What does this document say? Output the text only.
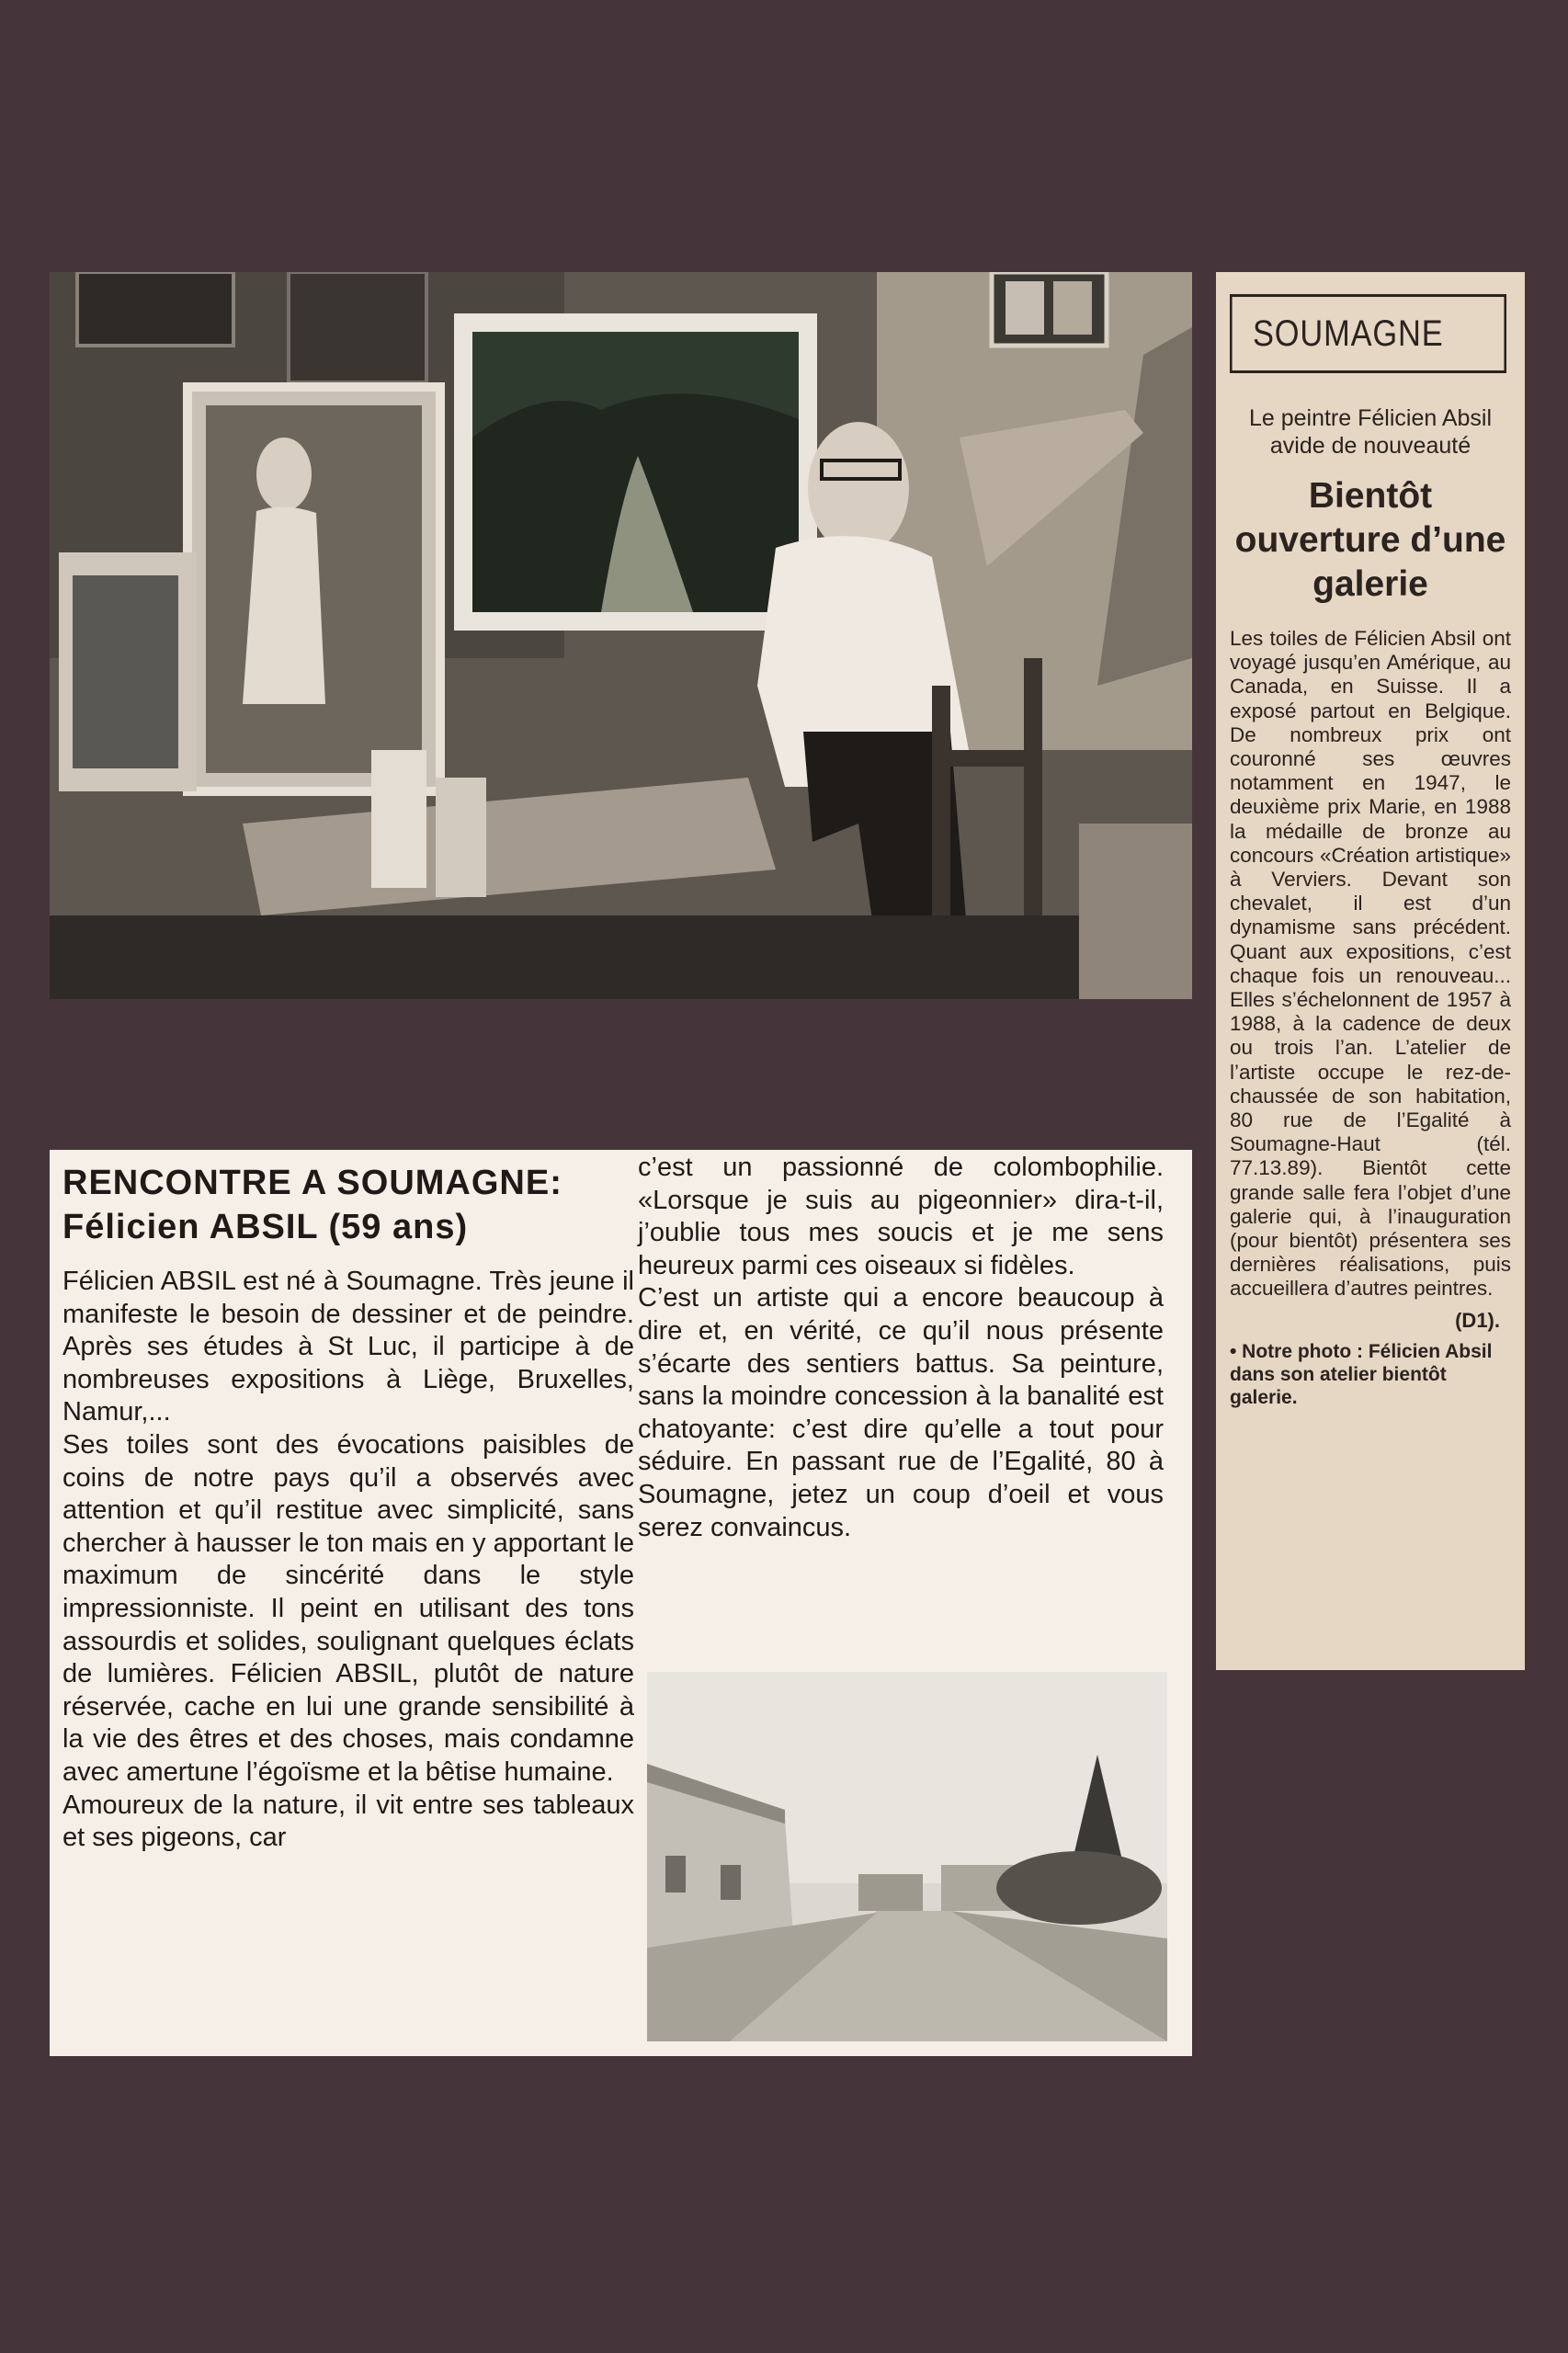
SOUMAGNE
Le peintre Félicien Absil avide de nouveauté
Bientôt ouverture d’une galerie

Les toiles de Félicien Absil ont voyagé jusqu’en Amérique, au Canada, en Suisse. Il a exposé partout en Belgique. De nombreux prix ont couronné ses œuvres notamment en 1947, le deuxième prix Marie, en 1988 la médaille de bronze au concours «Création artistique» à Verviers. Devant son chevalet, il est d’un dynamisme sans précédent. Quant aux expositions, c’est chaque fois un renouveau... Elles s’échelonnent de 1957 à 1988, à la cadence de deux ou trois l’an. L’atelier de l’artiste occupe le rez-de-chaussée de son habitation, 80 rue de l’Egalité à Soumagne-Haut (tél. 77.13.89). Bientôt cette grande salle fera l’objet d’une galerie qui, à l’inauguration (pour bientôt) présentera ses dernières réalisations, puis accueillera d’autres peintres.

(D1).
• Notre photo : Félicien Absil dans son atelier bientôt galerie.
RENCONTRE A SOUMAGNE:
Félicien ABSIL (59 ans)

Félicien ABSIL est né à Soumagne. Très jeune il manifeste le besoin de dessiner et de peindre. Après ses études à St Luc, il participe à de nombreuses expositions à Liège, Bruxelles, Namur,...

Ses toiles sont des évocations paisibles de coins de notre pays qu’il a observés avec attention et qu’il restitue avec simplicité, sans chercher à hausser le ton mais en y apportant le maximum de sincérité dans le style impressionniste. Il peint en utilisant des tons assourdis et solides, soulignant quelques éclats de lumières. Félicien ABSIL, plutôt de nature réservée, cache en lui une grande sensibilité à la vie des êtres et des choses, mais condamne avec amertune l’égoïsme et la bêtise humaine.

Amoureux de la nature, il vit entre ses tableaux et ses pigeons, car

c’est un passionné de colombophilie. «Lorsque je suis au pigeonnier» dira-t-il, j’oublie tous mes soucis et je me sens heureux parmi ces oiseaux si fidèles.

C’est un artiste qui a encore beaucoup à dire et, en vérité, ce qu’il nous présente s’écarte des sentiers battus. Sa peinture, sans la moindre concession à la banalité est chatoyante: c’est dire qu’elle a tout pour séduire. En passant rue de l’Egalité, 80 à Soumagne, jetez un coup d’oeil et vous serez convaincus.
